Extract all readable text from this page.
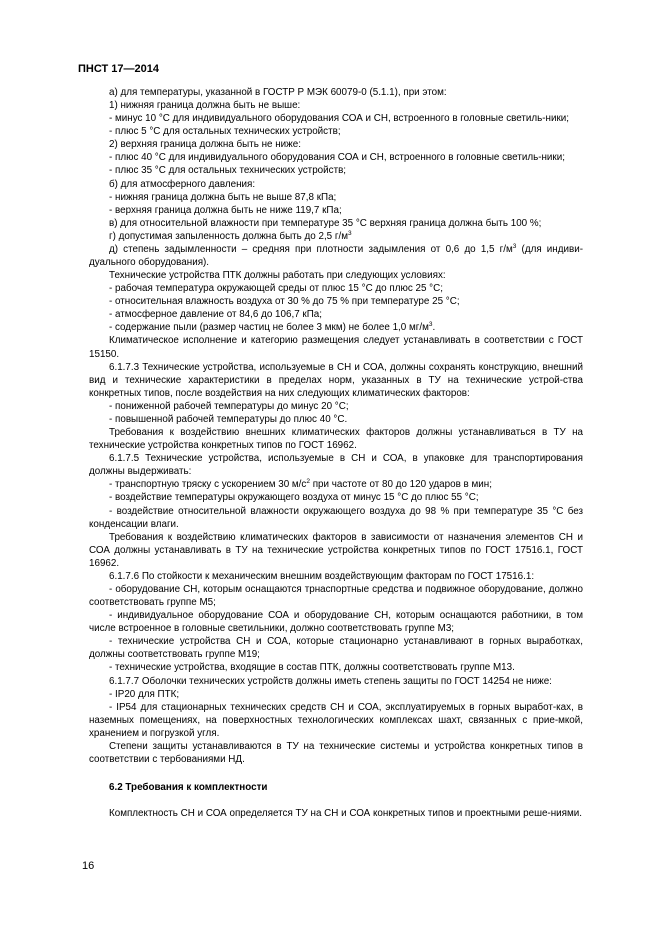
ПНСТ 17—2014

а) для температуры, указанной в ГОСТР Р МЭК 60079-0 (5.1.1), при этом:

1) нижняя граница должна быть не выше:

- минус 10 °С для индивидуального оборудования СОА и СН, встроенного в головные светиль-ники;

- плюс 5 °С для остальных технических устройств;

2) верхняя граница должна быть не ниже:

- плюс 40 °С для индивидуального оборудования СОА и СН, встроенного в головные светиль-ники;

- плюс 35 °С для остальных технических устройств;

б) для атмосферного давления:

- нижняя граница должна быть не выше 87,8 кПа;

- верхняя граница должна быть не ниже 119,7 кПа;

в) для относительной влажности при температуре 35 °С верхняя граница должна быть 100 %;

г) допустимая запыленность должна быть до 2,5 $г/м^3$

д) степень задымленности – средняя при плотности задымления от 0,6 до 1,5 $г/м^3$ (для индиви-дуального оборудования).

Технические устройства ПТК должны работать при следующих условиях:

- рабочая температура окружающей среды от плюс 15 °С до плюс 25 °С;

- относительная влажность воздуха от 30 % до 75 % при температуре 25 °С;

- атмосферное давление от 84,6 до 106,7 кПа;

- содержание пыли (размер частиц не более 3 мкм) не более 1,0 $мг/м^3$.

Климатическое исполнение и категорию размещения следует устанавливать в соответствии с ГОСТ 15150.

6.1.7.3 Технические устройства, используемые в СН и СОА, должны сохранять конструкцию, внешний вид и технические характеристики в пределах норм, указанных в ТУ на технические устрой-ства конкретных типов, после воздействия на них следующих климатических факторов:

- пониженной рабочей температуры до минус 20 °С;

- повышенной рабочей температуры до плюс 40 °С.

Требования к воздействию внешних климатических факторов должны устанавливаться в ТУ на технические устройства конкретных типов по ГОСТ 16962.

6.1.7.5 Технические устройства, используемые в СН и СОА, в упаковке для транспортирования должны выдерживать:

- транспортную тряску с ускорением 30 $м/с^2$ при частоте от 80 до 120 ударов в мин;

- воздействие температуры окружающего воздуха от минус 15 °С до плюс 55 °С;

- воздействие относительной влажности окружающего воздуха до 98 % при температуре 35 °С без конденсации влаги.

Требования к воздействию климатических факторов в зависимости от назначения элементов СН и СОА должны устанавливать в ТУ на технические устройства конкретных типов по ГОСТ 17516.1, ГОСТ 16962.

6.1.7.6 По стойкости к механическим внешним воздействующим факторам по ГОСТ 17516.1:

- оборудование СН, которым оснащаются трнаспортные средства и подвижное оборудование, должно соответствовать группе М5;

- индивидуальное оборудование СОА и оборудование СН, которым оснащаются работники, в том числе встроенное в головные светильники, должно соответствовать группе М3;

- технические устройства СН и СОА, которые стационарно устанавливают в горных выработках, должны соответствовать группе М19;

- технические устройства, входящие в состав ПТК, должны соответствовать группе М13.

6.1.7.7 Оболочки технических устройств должны иметь степень защиты по ГОСТ 14254 не ниже:

- IP20 для ПТК;

- IP54 для стационарных технических средств СН и СОА, эксплуатируемых в горных выработ-ках, в наземных помещениях, на поверхностных технологических комплексах шахт, связанных с прие-мкой, хранением и погрузкой угля.

Степени защиты устанавливаются в ТУ на технические системы и устройства конкретных типов в соответствии с тербованиями НД.

6.2 Требования к комплектности

Комплектность СН и СОА определяется ТУ на СН и СОА конкретных типов и проектными реше-ниями.

16
